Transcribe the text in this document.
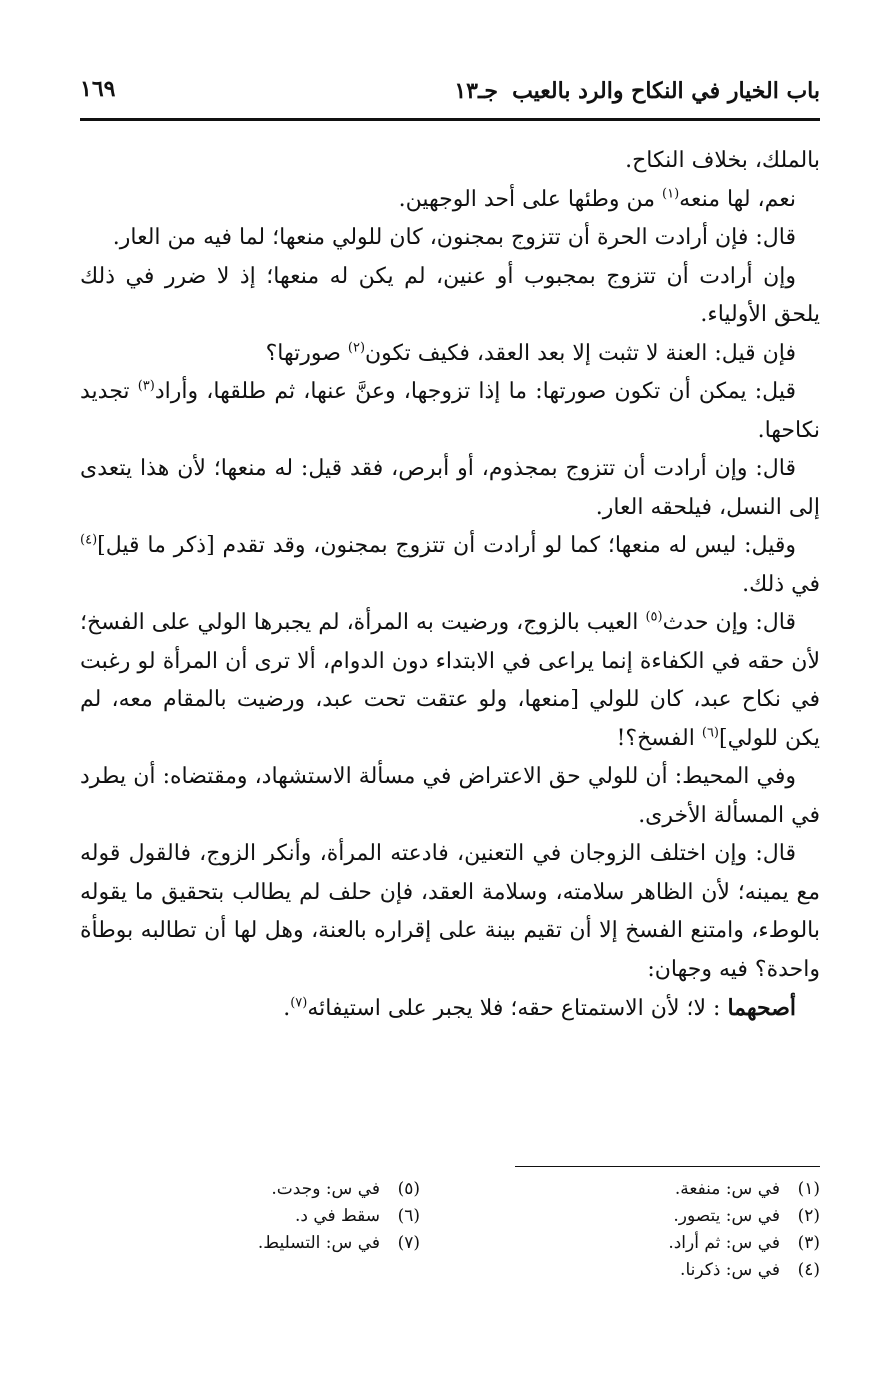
باب الخيار في النكاح والرد بالعيب
جـ١٣
١٦٩

بالملك، بخلاف النكاح.

نعم، لها منعه$^{(١)}$ من وطئها على أحد الوجهين.

قال: فإن أرادت الحرة أن تتزوج بمجنون، كان للولي منعها؛ لما فيه من العار.

وإن أرادت أن تتزوج بمجبوب أو عنين، لم يكن له منعها؛ إذ لا ضرر في ذلك يلحق الأولياء.

فإن قيل: العنة لا تثبت إلا بعد العقد، فكيف تكون$^{(٢)}$ صورتها؟

قيل: يمكن أن تكون صورتها: ما إذا تزوجها، وعنَّ عنها، ثم طلقها، وأراد$^{(٣)}$ تجديد نكاحها.

قال: وإن أرادت أن تتزوج بمجذوم، أو أبرص، فقد قيل: له منعها؛ لأن هذا يتعدى إلى النسل، فيلحقه العار.

وقيل: ليس له منعها؛ كما لو أرادت أن تتزوج بمجنون، وقد تقدم [ذكر ما قيل]$^{(٤)}$ في ذلك.

قال: وإن حدث$^{(٥)}$ العيب بالزوج، ورضيت به المرأة، لم يجبرها الولي على الفسخ؛ لأن حقه في الكفاءة إنما يراعى في الابتداء دون الدوام، ألا ترى أن المرأة لو رغبت في نكاح عبد، كان للولي [منعها، ولو عتقت تحت عبد، ورضيت بالمقام معه، لم يكن للولي]$^{(٦)}$ الفسخ؟!

وفي المحيط: أن للولي حق الاعتراض في مسألة الاستشهاد، ومقتضاه: أن يطرد في المسألة الأخرى.

قال: وإن اختلف الزوجان في التعنين، فادعته المرأة، وأنكر الزوج، فالقول قوله مع يمينه؛ لأن الظاهر سلامته، وسلامة العقد، فإن حلف لم يطالب بتحقيق ما يقوله بالوطء، وامتنع الفسخ إلا أن تقيم بينة على إقراره بالعنة، وهل لها أن تطالبه بوطأة واحدة؟ فيه وجهان:

أصحهما : لا؛ لأن الاستمتاع حقه؛ فلا يجبر على استيفائه$^{(٧)}$.

(١)في س: منفعة.
(٢)في س: يتصور.
(٣)في س: ثم أراد.
(٤)في س: ذكرنا.
(٥)في س: وجدت.
(٦)سقط في د.
(٧)في س: التسليط.
